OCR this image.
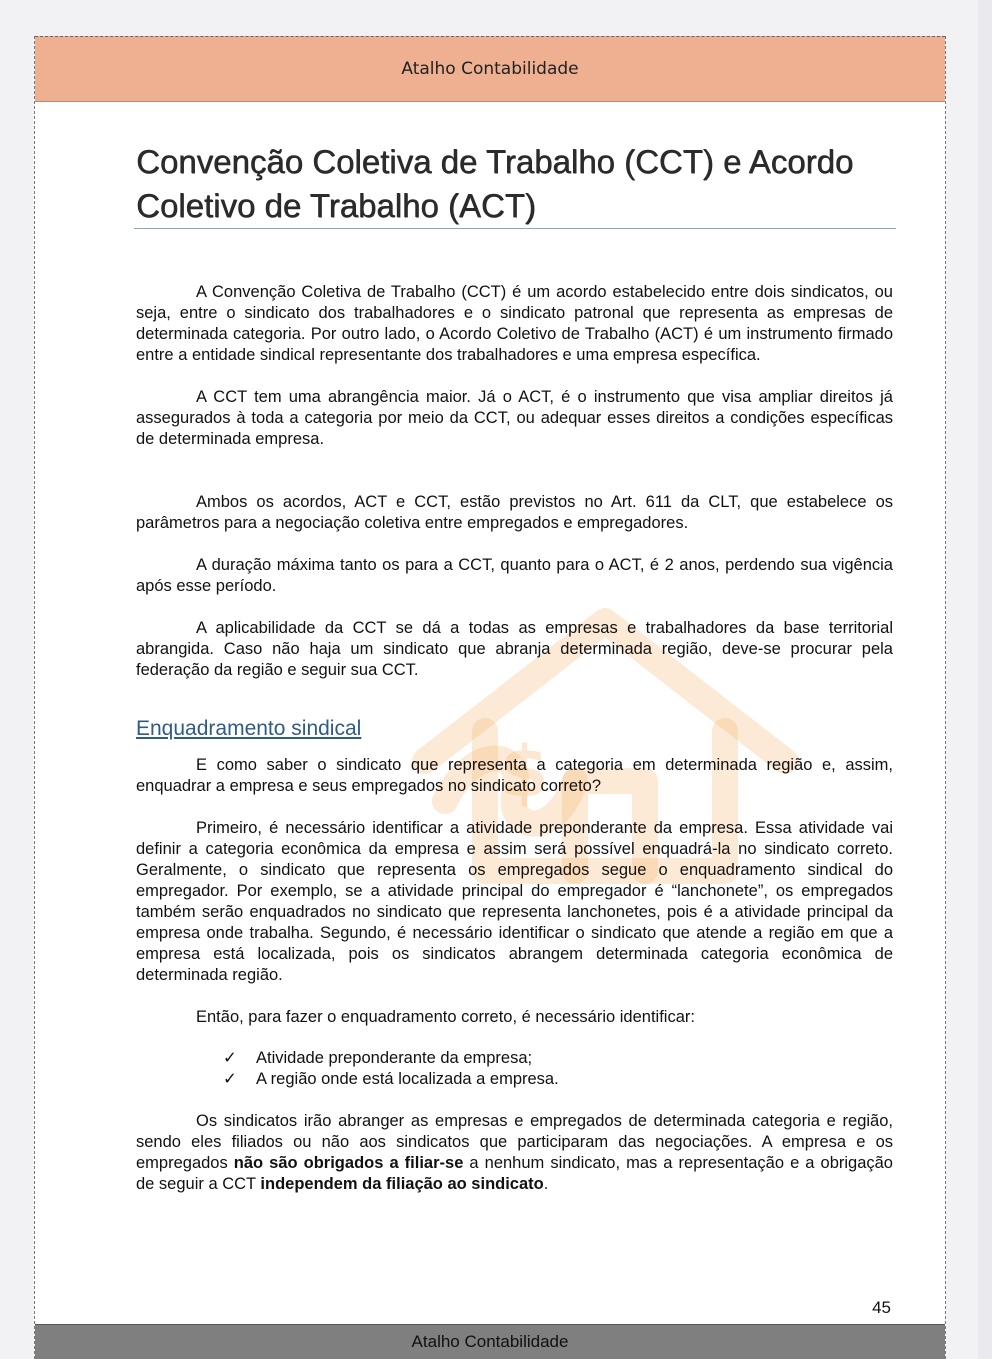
Atalho Contabilidade
Convenção Coletiva de Trabalho (CCT) e Acordo Coletivo de Trabalho (ACT)
$

A Convenção Coletiva de Trabalho (CCT) é um acordo estabelecido entre dois sindicatos, ou seja, entre o sindicato dos trabalhadores e o sindicato patronal que representa as empresas de determinada categoria. Por outro lado, o Acordo Coletivo de Trabalho (ACT) é um instrumento firmado entre a entidade sindical representante dos trabalhadores e uma empresa específica.

A CCT tem uma abrangência maior. Já o ACT, é o instrumento que visa ampliar direitos já assegurados à toda a categoria por meio da CCT, ou adequar esses direitos a condições específicas de determinada empresa.

Ambos os acordos, ACT e CCT, estão previstos no Art. 611 da CLT, que estabelece os parâmetros para a negociação coletiva entre empregados e empregadores.

A duração máxima tanto os para a CCT, quanto para o ACT, é 2 anos, perdendo sua vigência após esse período.

A aplicabilidade da CCT se dá a todas as empresas e trabalhadores da base territorial abrangida. Caso não haja um sindicato que abranja determinada região, deve-se procurar pela federação da região e seguir sua CCT.

Enquadramento sindical

E como saber o sindicato que representa a categoria em determinada região e, assim, enquadrar a empresa e seus empregados no sindicato correto?

Primeiro, é necessário identificar a atividade preponderante da empresa. Essa atividade vai definir a categoria econômica da empresa e assim será possível enquadrá-la no sindicato correto. Geralmente, o sindicato que representa os empregados segue o enquadramento sindical do empregador. Por exemplo, se a atividade principal do empregador é “lanchonete”, os empregados também serão enquadrados no sindicato que representa lanchonetes, pois é a atividade principal da empresa onde trabalha. Segundo, é necessário identificar o sindicato que atende a região em que a empresa está localizada, pois os sindicatos abrangem determinada categoria econômica de determinada região.

Então, para fazer o enquadramento correto, é necessário identificar:

✓	Atividade preponderante da empresa;
✓	A região onde está localizada a empresa.

Os sindicatos irão abranger as empresas e empregados de determinada categoria e região, sendo eles filiados ou não aos sindicatos que participaram das negociações. A empresa e os empregados não são obrigados a filiar-se a nenhum sindicato, mas a representação e a obrigação de seguir a CCT independem da filiação ao sindicato.

45
Atalho Contabilidade
